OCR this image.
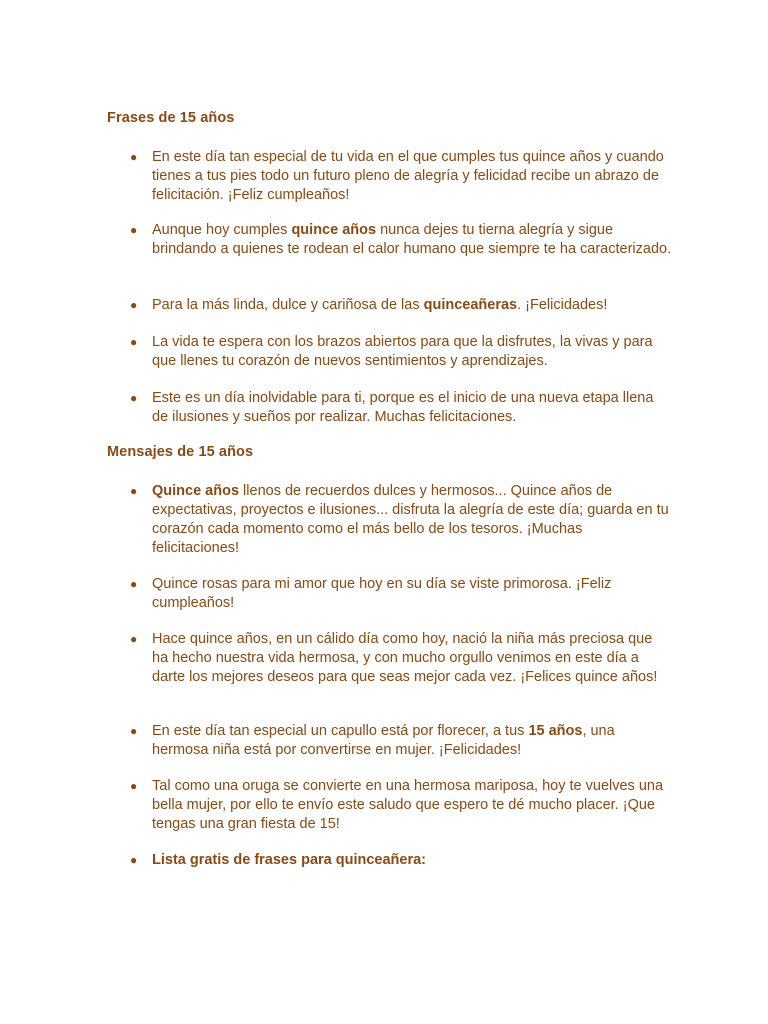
Frases de 15 años
● En este día tan especial de tu vida en el que cumples tus quince años y cuando tienes a tus pies todo un futuro pleno de alegría y felicidad recibe un abrazo de felicitación. ¡Feliz cumpleaños!
● Aunque hoy cumples quince años nunca dejes tu tierna alegría y sigue brindando a quienes te rodean el calor humano que siempre te ha caracterizado.
● Para la más linda, dulce y cariñosa de las quinceañeras. ¡Felicidades!
● La vida te espera con los brazos abiertos para que la disfrutes, la vivas y para que llenes tu corazón de nuevos sentimientos y aprendizajes.
● Este es un día inolvidable para ti, porque es el inicio de una nueva etapa llena de ilusiones y sueños por realizar. Muchas felicitaciones.
Mensajes de 15 años
● Quince años llenos de recuerdos dulces y hermosos... Quince años de expectativas, proyectos e ilusiones... disfruta la alegría de este día; guarda en tu corazón cada momento como el más bello de los tesoros. ¡Muchas felicitaciones!
● Quince rosas para mi amor que hoy en su día se viste primorosa. ¡Feliz cumpleaños!
● Hace quince años, en un cálido día como hoy, nació la niña más preciosa que ha hecho nuestra vida hermosa, y con mucho orgullo venimos en este día a darte los mejores deseos para que seas mejor cada vez. ¡Felices quince años!
● En este día tan especial un capullo está por florecer, a tus 15 años, una hermosa niña está por convertirse en mujer. ¡Felicidades!
● Tal como una oruga se convierte en una hermosa mariposa, hoy te vuelves una bella mujer, por ello te envío este saludo que espero te dé mucho placer. ¡Que tengas una gran fiesta de 15!
● Lista gratis de frases para quinceañera:
